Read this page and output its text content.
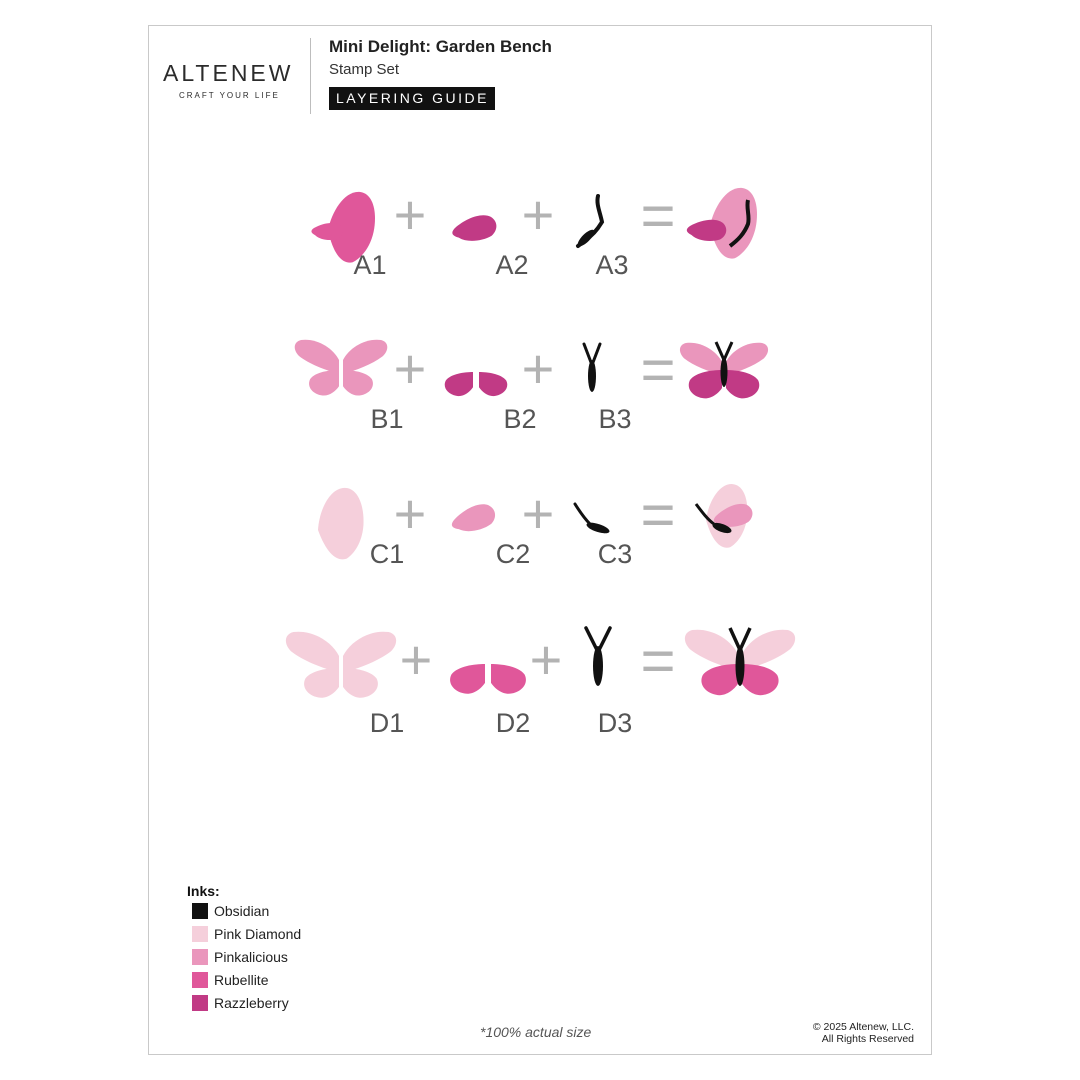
ALTENEW
CRAFT YOUR LIFE
Mini Delight: Garden Bench
Stamp Set
LAYERING GUIDE
+ + =
+ + =
+ + =
+ + =
A1	A2 A3
B1	B2 B3
C1	C2 C3
D1	D2 D3
Inks:
Obsidian
Pink Diamond
Pinkalicious
Rubellite
Razzleberry
*100% actual size	© 2025 Altenew, LLC.
All Rights Reserved
